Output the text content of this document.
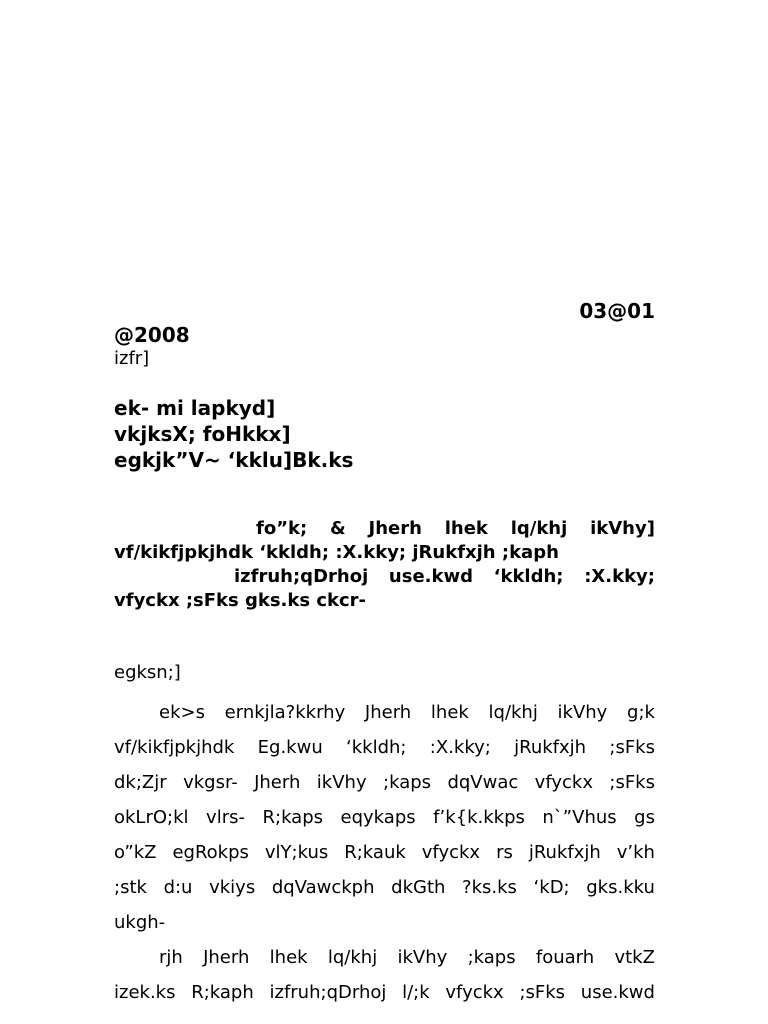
03@01
@2008
izfr]
ek- mi lapkyd]
vkjksX; foHkkx]
egkjk”V~ ‘kklu]Bk.ks
fo”k; & Jherh lhek lq/khj ikVhy]
vf/kikfjpkjhdk ‘kkldh; :X.kky; jRukfxjh ;kaph
izfruh;qDrhoj use.kwd ‘kkldh; :X.kky;
vfyckx ;sFks gks.ks ckcr-
egksn;]
ek>s ernkjla?kkrhy Jherh lhek lq/khj ikVhy g;k
vf/kikfjpkjhdk Eg.kwu ‘kkldh; :X.kky; jRukfxjh ;sFks
dk;Zjr vkgsr- Jherh ikVhy ;kaps dqVwac vfyckx ;sFks
okLrO;kl vlrs- R;kaps eqykaps f’k{k.kkps n`”Vhus gs
o”kZ egRokps vlY;kus R;kauk vfyckx rs jRukfxjh v’kh
;stk d:u vkiys dqVawckph dkGth ?ks.ks ‘kD; gks.kku
ukgh-
rjh Jherh lhek lq/khj ikVhy ;kaps fouarh vtkZ
izek.ks R;kaph izfruh;qDrhoj l/;k vfyckx ;sFks use.kwd
